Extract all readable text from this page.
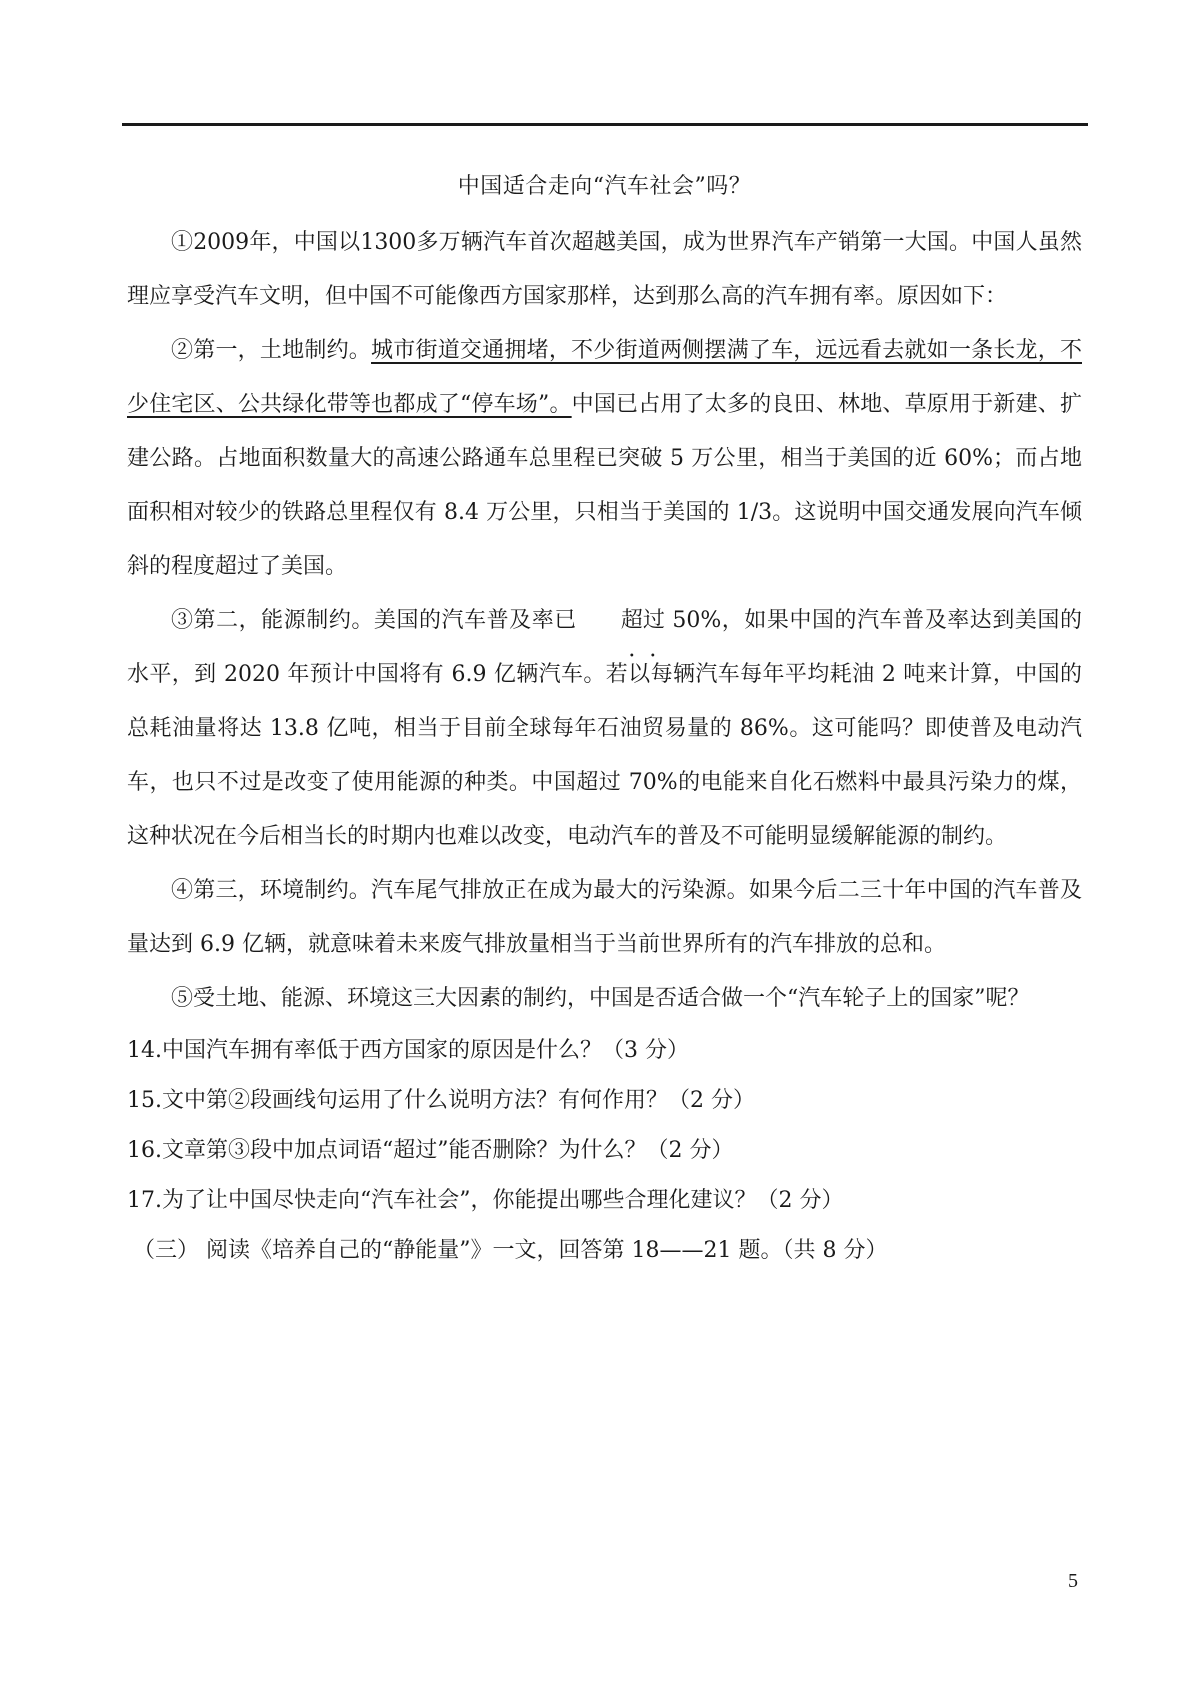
中国适合走向“汽车社会”吗？

①2009年，中国以1300多万辆汽车首次超越美国，成为世界汽车产销第一大国。中国人虽然理应享受汽车文明，但中国不可能像西方国家那样，达到那么高的汽车拥有率。原因如下：

②第一，土地制约。城市街道交通拥堵，不少街道两侧摆满了车，远远看去就如一条长龙，不少住宅区、公共绿化带等也都成了“停车场”。中国已占用了太多的良田、林地、草原用于新建、扩建公路。占地面积数量大的高速公路通车总里程已突破 5 万公里，相当于美国的近 60%；而占地面积相对较少的铁路总里程仅有 8.4 万公里，只相当于美国的 1/3。这说明中国交通发展向汽车倾斜的程度超过了美国。

③第二，能源制约。美国的汽车普及率已 超过 • • 50%，如果中国的汽车普及率达到美国的水平，到 2020 年预计中国将有 6.9 亿辆汽车。若以每辆汽车每年平均耗油 2 吨来计算，中国的总耗油量将达 13.8 亿吨，相当于目前全球每年石油贸易量的 86%。这可能吗？即使普及电动汽车，也只不过是改变了使用能源的种类。中国超过 70%的电能来自化石燃料中最具污染力的煤，这种状况在今后相当长的时期内也难以改变，电动汽车的普及不可能明显缓解能源的制约。

④第三，环境制约。汽车尾气排放正在成为最大的污染源。如果今后二三十年中国的汽车普及量达到 6.9 亿辆，就意味着未来废气排放量相当于当前世界所有的汽车排放的总和。

⑤受土地、能源、环境这三大因素的制约，中国是否适合做一个“汽车轮子上的国家”呢？

14.中国汽车拥有率低于西方国家的原因是什么？（3 分）

15.文中第②段画线句运用了什么说明方法？有何作用？（2 分）

16.文章第③段中加点词语“超过”能否删除？为什么？（2 分）

17.为了让中国尽快走向“汽车社会”，你能提出哪些合理化建议？（2 分）

（三） 阅读《培养自己的“静能量”》一文，回答第 18——21 题。（共 8 分）

5
